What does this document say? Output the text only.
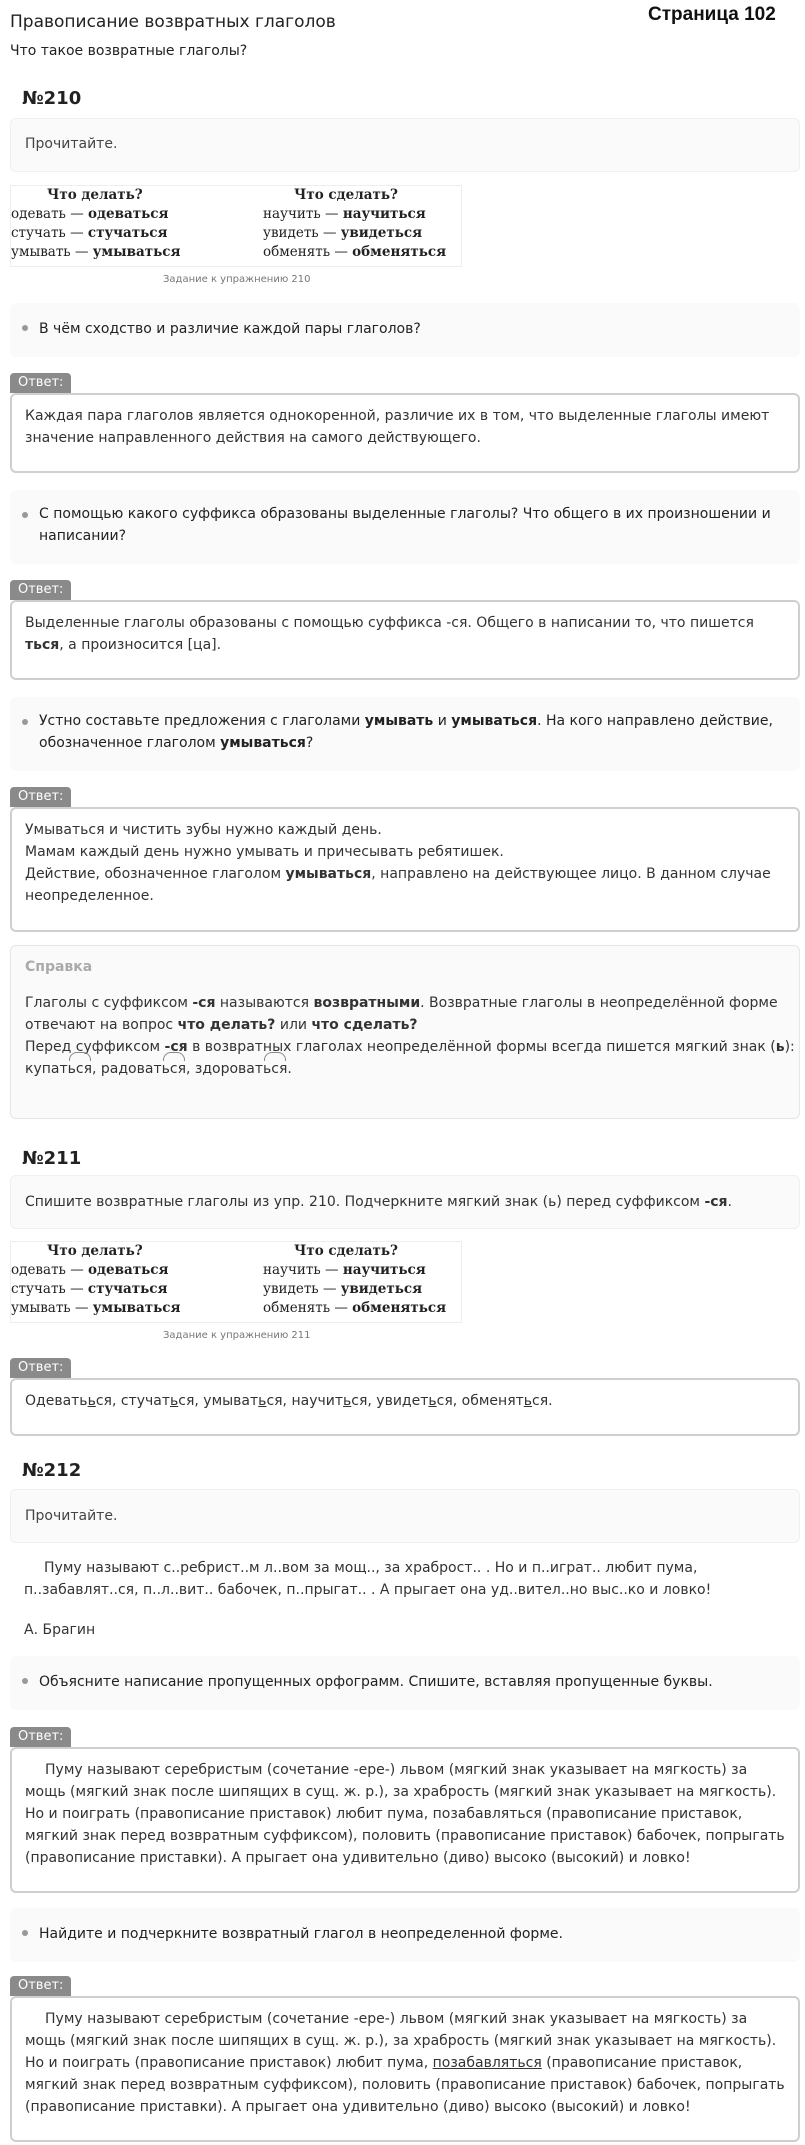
Правописание возвратных глаголов
Что такое возвратные глаголы?
Страница 102
№210
Прочитайте.
Что делать?	Что сделать?
одевать — одеваться	научить — научиться
стучать — стучаться	увидеть — увидеться
умывать — умываться	обменять — обменяться
Задание к упражнению 210
В чём сходство и различие каждой пары глаголов?
Ответ:
Каждая пара глаголов является однокоренной, различие их в том, что выделенные глаголы имеют значение направленного действия на самого действующего.
С помощью какого суффикса образованы выделенные глаголы? Что общего в их произношении и написании?
Ответ:
Выделенные глаголы образованы с помощью суффикса -ся. Общего в написании то, что пишется ться, а произносится [ца].
Устно составьте предложения с глаголами умывать и умываться. На кого направлено действие, обозначенное глаголом умываться?
Ответ:
Умываться и чистить зубы нужно каждый день.
Мамам каждый день нужно умывать и причесывать ребятишек.
Действие, обозначенное глаголом умываться, направлено на действующее лицо. В данном случае неопределенное.
Справка
Глаголы с суффиксом -ся называются возвратными. Возвратные глаголы в неопределённой форме отвечают на вопрос что делать? или что сделать?
Перед суффиксом -ся в возвратных глаголах неопределённой формы всегда пишется мягкий знак (ь):
купаться, радоваться, здороваться.
№211
Спишите возвратные глаголы из упр. 210. Подчеркните мягкий знак (ь) перед суффиксом -ся.
Что делать?	Что сделать?
одевать — одеваться	научить — научиться
стучать — стучаться	увидеть — увидеться
умывать — умываться	обменять — обменяться
Задание к упражнению 211
Ответ:
Одеватьься, стучаться, умываться, научиться, увидеться, обменяться.
№212
Прочитайте.
Пуму называют с..ребрист..м л..вом за мощ.., за храброст.. . Но и п..играт.. любит пума, п..забавлят..ся, п..л..вит.. бабочек, п..прыгат.. . А прыгает она уд..вител..но выс..ко и ловко!
А. Брагин
Объясните написание пропущенных орфограмм. Спишите, вставляя пропущенные буквы.
Ответ:
Пуму называют серебристым (сочетание -ере-) львом (мягкий знак указывает на мягкость) за мощь (мягкий знак после шипящих в сущ. ж. р.), за храбрость (мягкий знак указывает на мягкость). Но и поиграть (правописание приставок) любит пума, позабавляться (правописание приставок, мягкий знак перед возвратным суффиксом), половить (правописание приставок) бабочек, попрыгать (правописание приставки). А прыгает она удивительно (диво) высоко (высокий) и ловко!
Найдите и подчеркните возвратный глагол в неопределенной форме.
Ответ:
Пуму называют серебристым (сочетание -ере-) львом (мягкий знак указывает на мягкость) за мощь (мягкий знак после шипящих в сущ. ж. р.), за храбрость (мягкий знак указывает на мягкость). Но и поиграть (правописание приставок) любит пума, позабавляться (правописание приставок, мягкий знак перед возвратным суффиксом), половить (правописание приставок) бабочек, попрыгать (правописание приставки). А прыгает она удивительно (диво) высоко (высокий) и ловко!
